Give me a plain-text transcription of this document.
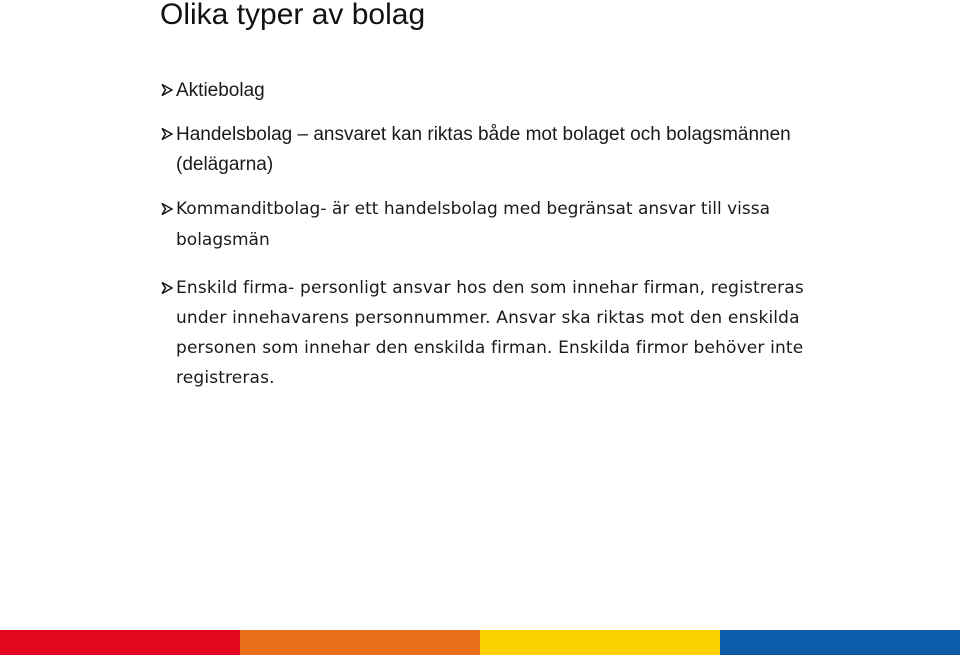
Olika typer av bolag
Aktiebolag
Handelsbolag – ansvaret kan riktas både mot bolaget och bolagsmännen (delägarna)
Kommanditbolag- är ett handelsbolag med begränsat ansvar till vissa bolagsmän
Enskild firma- personligt ansvar hos den som innehar firman, registreras under innehavarens personnummer. Ansvar ska riktas mot den enskilda personen som innehar den enskilda firman. Enskilda firmor behöver inte registreras.
